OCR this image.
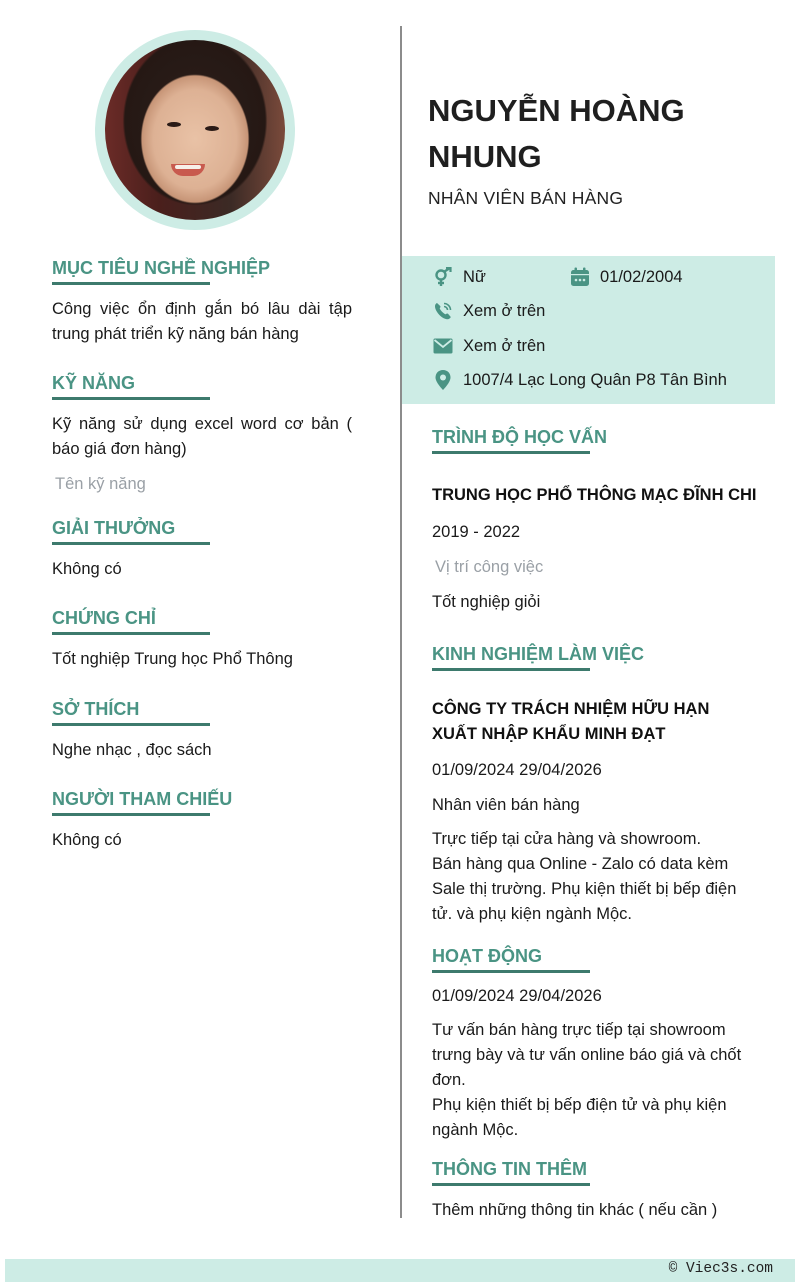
MỤC TIÊU NGHỀ NGHIỆP
Công việc ổn định gắn bó lâu dài tập trung phát triển kỹ năng bán hàng
KỸ NĂNG
Kỹ năng sử dụng excel word cơ bản ( báo giá đơn hàng)
Tên kỹ năng
GIẢI THƯỞNG
Không có
CHỨNG CHỈ
Tốt nghiệp Trung học Phổ Thông
SỞ THÍCH
Nghe nhạc , đọc sách
NGƯỜI THAM CHIẾU
Không có
NGUYỄN HOÀNG NHUNG
NHÂN VIÊN BÁN HÀNG
Nữ	01/02/2004
Xem ở trên
Xem ở trên
1007/4 Lạc Long Quân P8 Tân Bình
TRÌNH ĐỘ HỌC VẤN
TRUNG HỌC PHỔ THÔNG MẠC ĐĨNH CHI
2019 - 2022
Vị trí công việc
Tốt nghiệp giỏi
KINH NGHIỆM LÀM VIỆC
CÔNG TY TRÁCH NHIỆM HỮU HẠN XUẤT NHẬP KHẨU MINH ĐẠT
01/09/2024 29/04/2026
Nhân viên bán hàng
Trực tiếp tại cửa hàng và showroom.
Bán hàng qua Online - Zalo có data kèm
Sale thị trường. Phụ kiện thiết bị bếp điện
tử. và phụ kiện ngành Mộc.
HOẠT ĐỘNG
01/09/2024 29/04/2026
Tư vấn bán hàng trực tiếp tại showroom
trưng bày và tư vấn online báo giá và chốt
đơn.
Phụ kiện thiết bị bếp điện tử và phụ kiện
ngành Mộc.
THÔNG TIN THÊM
Thêm những thông tin khác ( nếu cần )
© Viec3s.com
